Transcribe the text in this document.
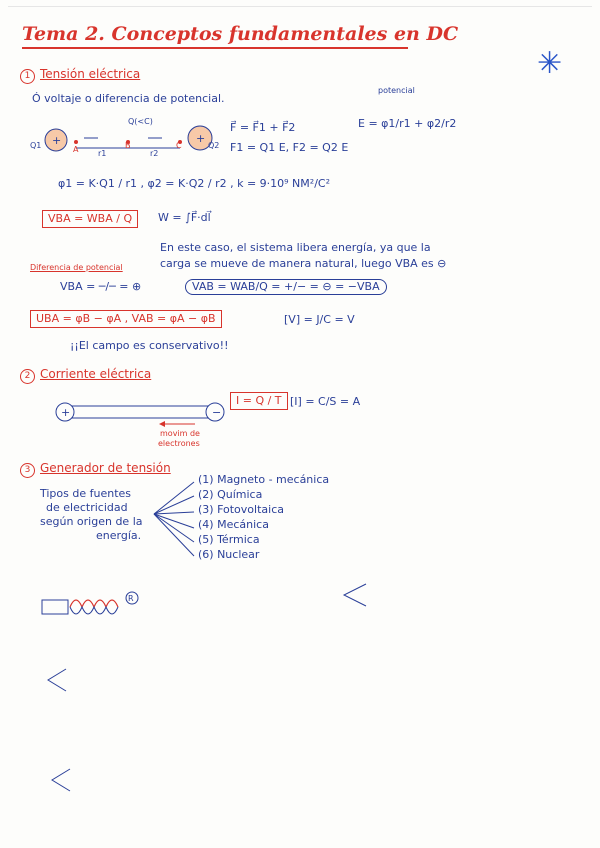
Tema 2. Conceptos fundamentales en DC
✳
1 Tensión eléctrica
Ó voltaje o diferencia de potencial.
potencial
+	+
Q(<C)
Q1	Q2
A	B	C
r1	r2
F⃗ = F⃗1 + F⃗2
F1 = Q1 E, F2 = Q2 E
E = φ1/r1 + φ2/r2
φ1 = K·Q1 / r1 , φ2 = K·Q2 / r2 , k = 9·10⁹ NM²/C²
VBA = WBA / Q	W = ∫F⃗·dl⃗
Diferencia de potencial
En este caso, el sistema libera energía, ya que la
carga se mueve de manera natural, luego VBA es ⊖
VBA = ─/─ = ⊕	VAB = WAB/Q = +/− = ⊖ = −VBA
UBA = φB − φA , VAB = φA − φB	[V] = J/C = V
¡¡El campo es conservativo!!
2 Corriente eléctrica
+	−
movim de
electrones
I = Q / T [I] = C/S = A
3 Generador de tensión
Tipos de fuentes
de electricidad
según origen de la
energía.
(1) Magneto - mecánica
(2) Química
(3) Fotovoltaica
(4) Mecánica
(5) Térmica
(6) Nuclear
R
